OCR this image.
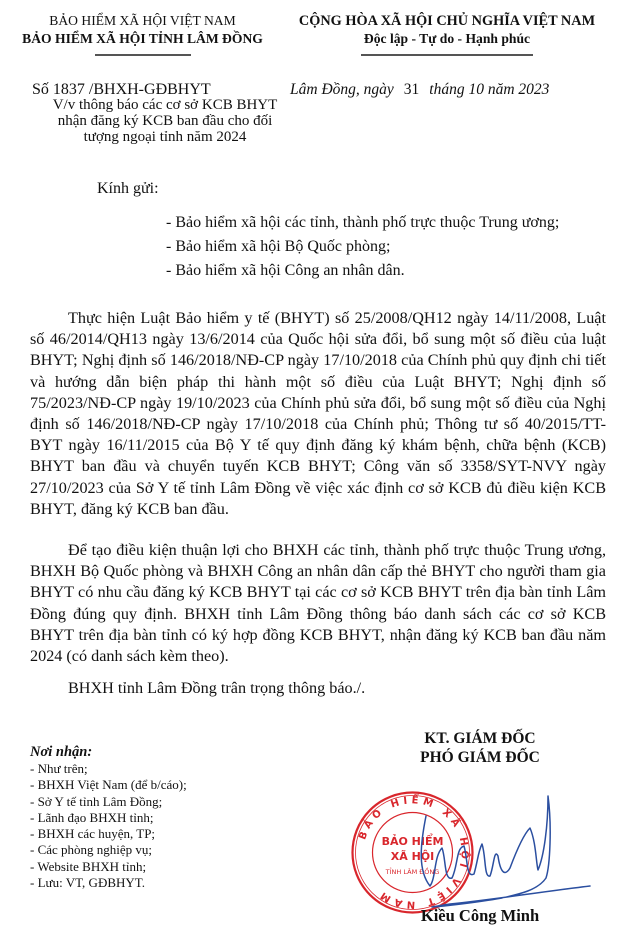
BẢO HIỂM XÃ HỘI VIỆT NAM
BẢO HIỂM XÃ HỘI TỈNH LÂM ĐỒNG
CỘNG HÒA XÃ HỘI CHỦ NGHĨA VIỆT NAM
Độc lập - Tự do - Hạnh phúc
Số 1837 /BHXH-GĐBHYT
V/v thông báo các cơ sở KCB BHYT
nhận đăng ký KCB ban đầu cho đối
tượng ngoại tỉnh năm 2024
Lâm Đồng, ngày 31 tháng 10 năm 2023
Kính gửi:
- Bảo hiểm xã hội các tỉnh, thành phố trực thuộc Trung ương;
- Bảo hiểm xã hội Bộ Quốc phòng;
- Bảo hiểm xã hội Công an nhân dân.
Thực hiện Luật Bảo hiểm y tế (BHYT) số 25/2008/QH12 ngày 14/11/2008, Luật số 46/2014/QH13 ngày 13/6/2014 của Quốc hội sửa đổi, bổ sung một số điều của luật BHYT; Nghị định số 146/2018/NĐ-CP ngày 17/10/2018 của Chính phủ quy định chi tiết và hướng dẫn biện pháp thi hành một số điều của Luật BHYT; Nghị định số 75/2023/NĐ-CP ngày 19/10/2023 của Chính phủ sửa đổi, bổ sung một số điều của Nghị định số 146/2018/NĐ-CP ngày 17/10/2018 của Chính phủ; Thông tư số 40/2015/TT-BYT ngày 16/11/2015 của Bộ Y tế quy định đăng ký khám bệnh, chữa bệnh (KCB) BHYT ban đầu và chuyển tuyến KCB BHYT; Công văn số 3358/SYT-NVY ngày 27/10/2023 của Sở Y tế tỉnh Lâm Đồng về việc xác định cơ sở KCB đủ điều kiện KCB BHYT, đăng ký KCB ban đầu.
Để tạo điều kiện thuận lợi cho BHXH các tỉnh, thành phố trực thuộc Trung ương, BHXH Bộ Quốc phòng và BHXH Công an nhân dân cấp thẻ BHYT cho người tham gia BHYT có nhu cầu đăng ký KCB BHYT tại các cơ sở KCB BHYT trên địa bàn tỉnh Lâm Đồng đúng quy định. BHXH tỉnh Lâm Đồng thông báo danh sách các cơ sở KCB BHYT trên địa bàn tỉnh có ký hợp đồng KCB BHYT, nhận đăng ký KCB ban đầu năm 2024 (có danh sách kèm theo).
BHXH tỉnh Lâm Đồng trân trọng thông báo./.
Nơi nhận:
- Như trên;
- BHXH Việt Nam (để b/cáo);
- Sở Y tế tỉnh Lâm Đồng;
- Lãnh đạo BHXH tỉnh;
- BHXH các huyện, TP;
- Các phòng nghiệp vụ;
- Website BHXH tỉnh;
- Lưu: VT, GĐBHYT.
KT. GIÁM ĐỐC
PHÓ GIÁM ĐỐC
BẢO HIỂM XÃ HỘI VIỆT NAM
BẢO HIỂM
XÃ HỘI
TỈNH LÂM ĐỒNG
Kiều Công Minh
